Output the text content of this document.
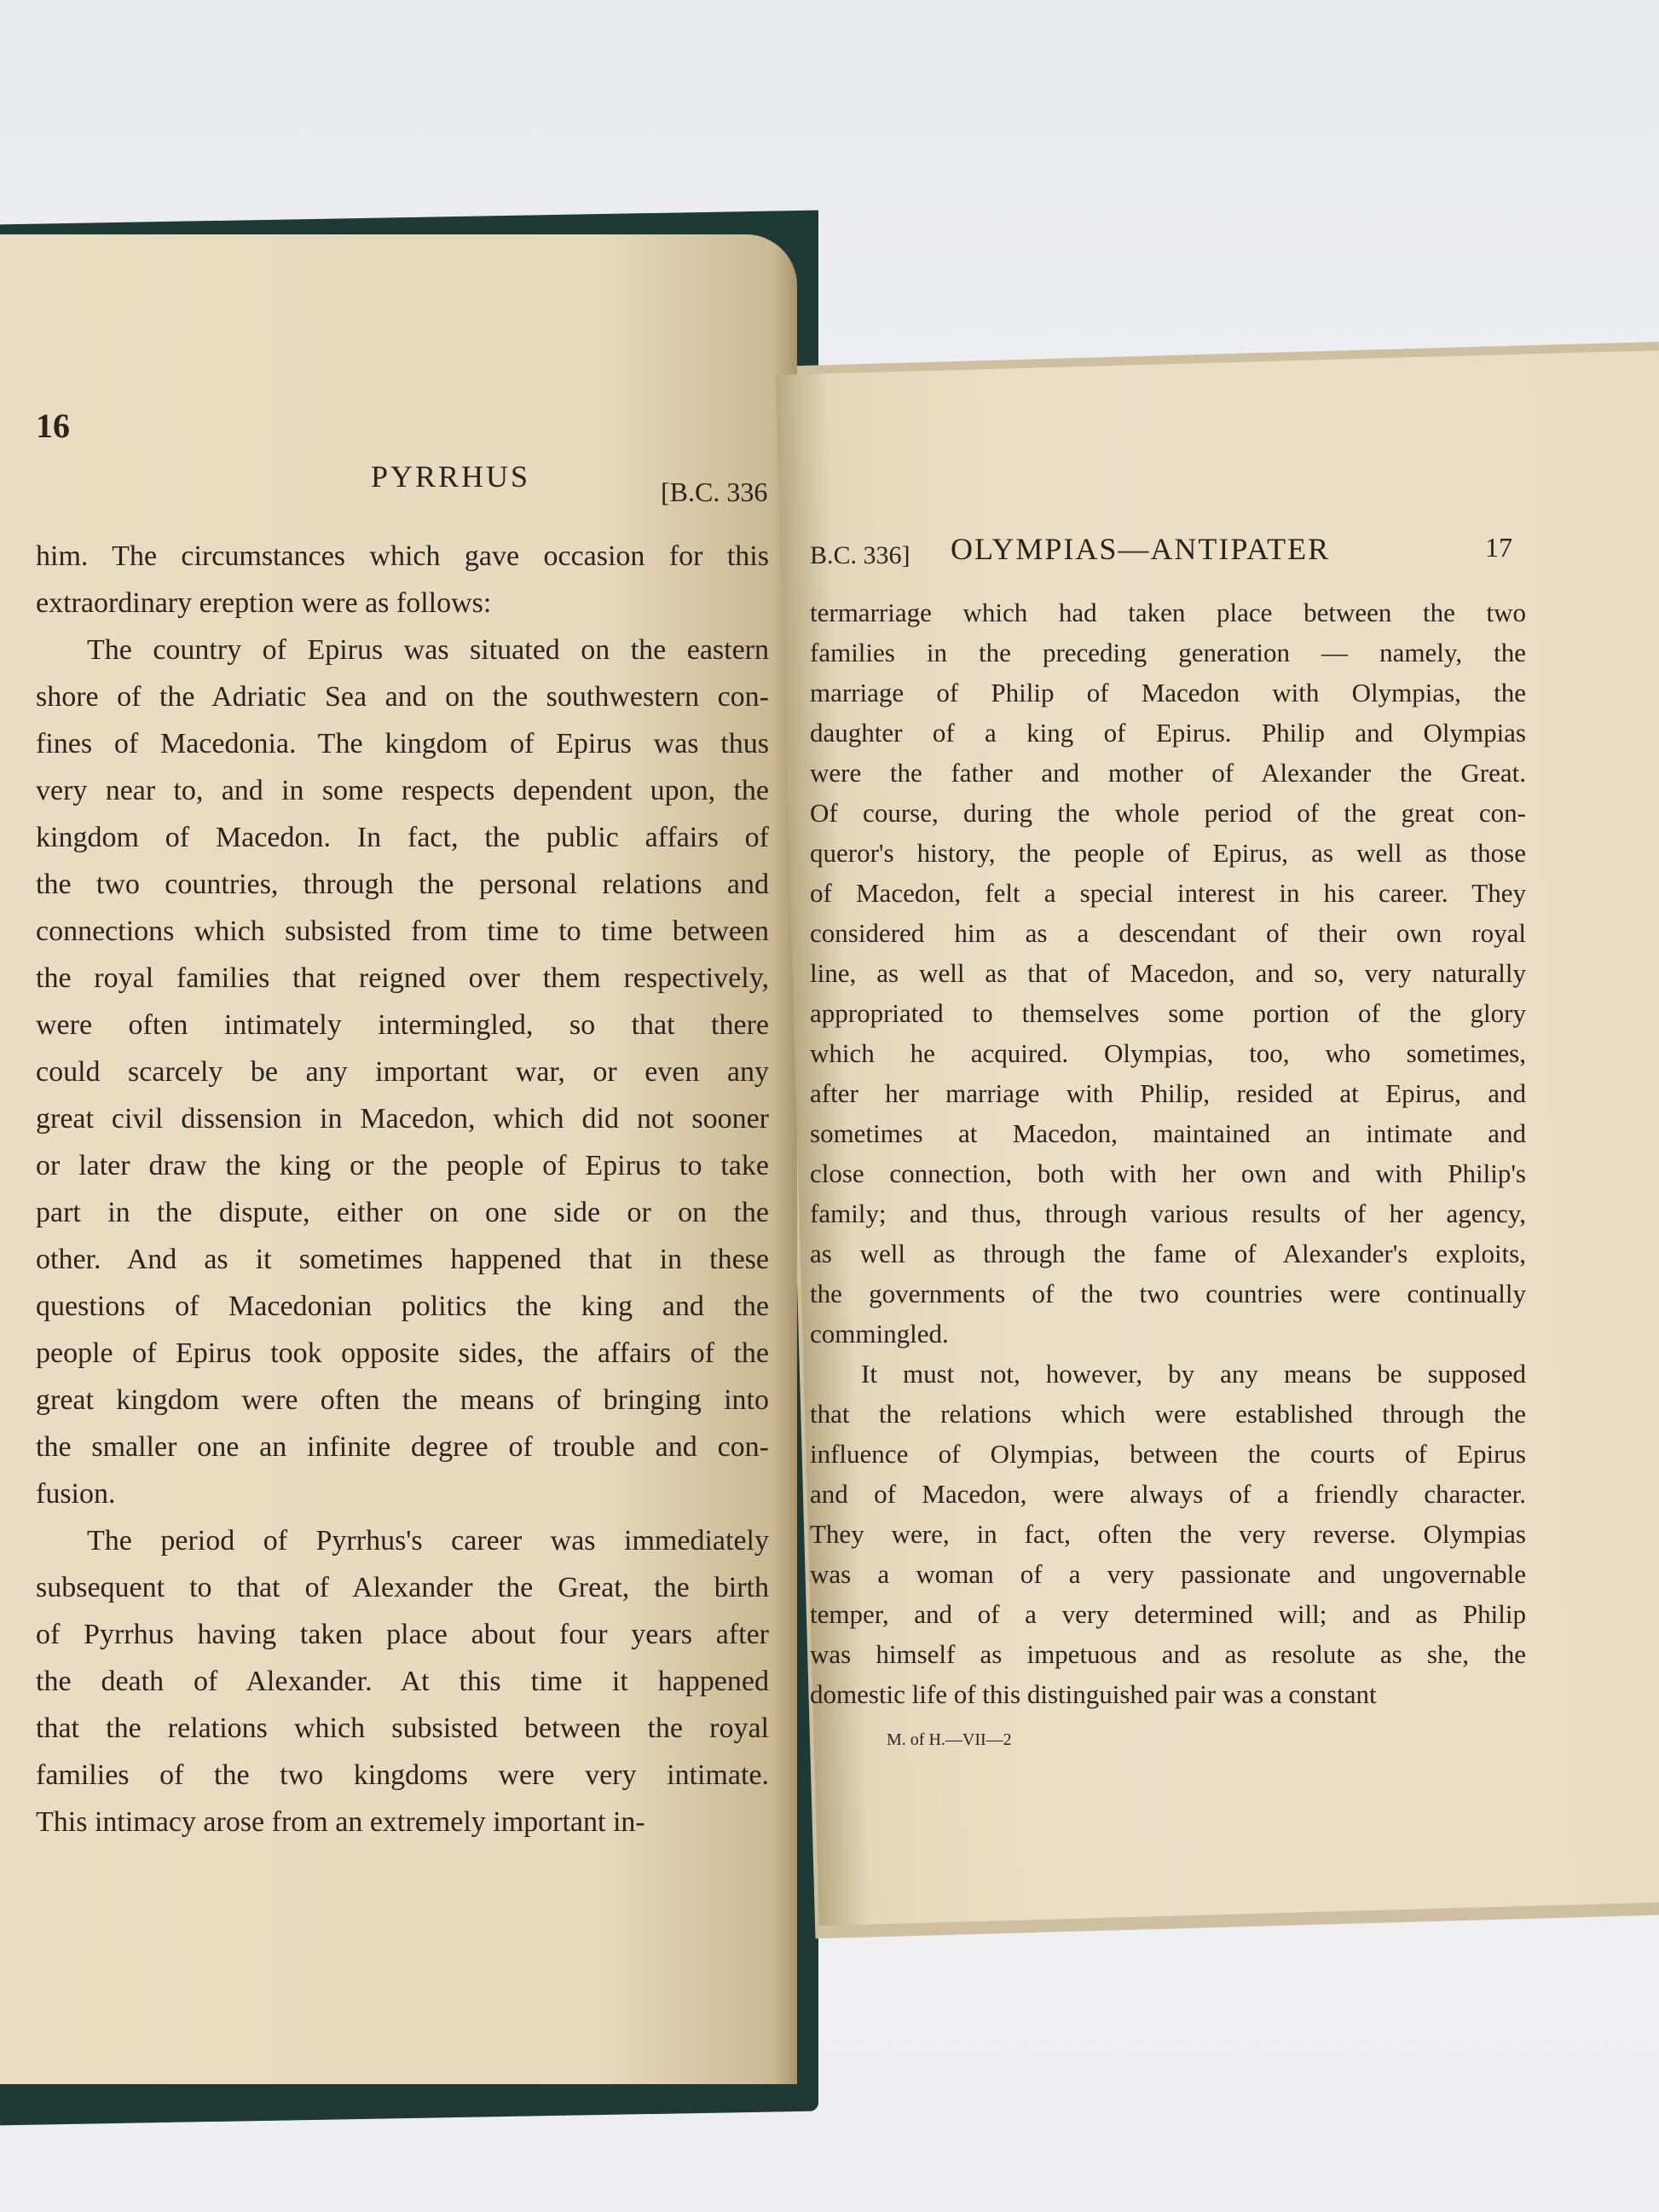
16
PYRRHUS	[B.C. 336
him. The circumstances which gave occasion for this
extraordinary ereption were as follows:
The country of Epirus was situated on the eastern
shore of the Adriatic Sea and on the southwestern con-
fines of Macedonia. The kingdom of Epirus was thus
very near to, and in some respects dependent upon, the
kingdom of Macedon. In fact, the public affairs of
the two countries, through the personal relations and
connections which subsisted from time to time between
the royal families that reigned over them respectively,
were often intimately intermingled, so that there
could scarcely be any important war, or even any
great civil dissension in Macedon, which did not sooner
or later draw the king or the people of Epirus to take
part in the dispute, either on one side or on the
other. And as it sometimes happened that in these
questions of Macedonian politics the king and the
people of Epirus took opposite sides, the affairs of the
great kingdom were often the means of bringing into
the smaller one an infinite degree of trouble and con-
fusion.
The period of Pyrrhus's career was immediately
subsequent to that of Alexander the Great, the birth
of Pyrrhus having taken place about four years after
the death of Alexander. At this time it happened
that the relations which subsisted between the royal
families of the two kingdoms were very intimate.
This intimacy arose from an extremely important in-
B.C. 336] OLYMPIAS—ANTIPATER	17
termarriage which had taken place between the two
families in the preceding generation — namely, the
marriage of Philip of Macedon with Olympias, the
daughter of a king of Epirus. Philip and Olympias
were the father and mother of Alexander the Great.
Of course, during the whole period of the great con-
queror's history, the people of Epirus, as well as those
of Macedon, felt a special interest in his career. They
considered him as a descendant of their own royal
line, as well as that of Macedon, and so, very naturally
appropriated to themselves some portion of the glory
which he acquired. Olympias, too, who sometimes,
after her marriage with Philip, resided at Epirus, and
sometimes at Macedon, maintained an intimate and
close connection, both with her own and with Philip's
family; and thus, through various results of her agency,
as well as through the fame of Alexander's exploits,
the governments of the two countries were continually
commingled.
It must not, however, by any means be supposed
that the relations which were established through the
influence of Olympias, between the courts of Epirus
and of Macedon, were always of a friendly character.
They were, in fact, often the very reverse. Olympias
was a woman of a very passionate and ungovernable
temper, and of a very determined will; and as Philip
was himself as impetuous and as resolute as she, the
domestic life of this distinguished pair was a constant
M. of H.—VII—2
